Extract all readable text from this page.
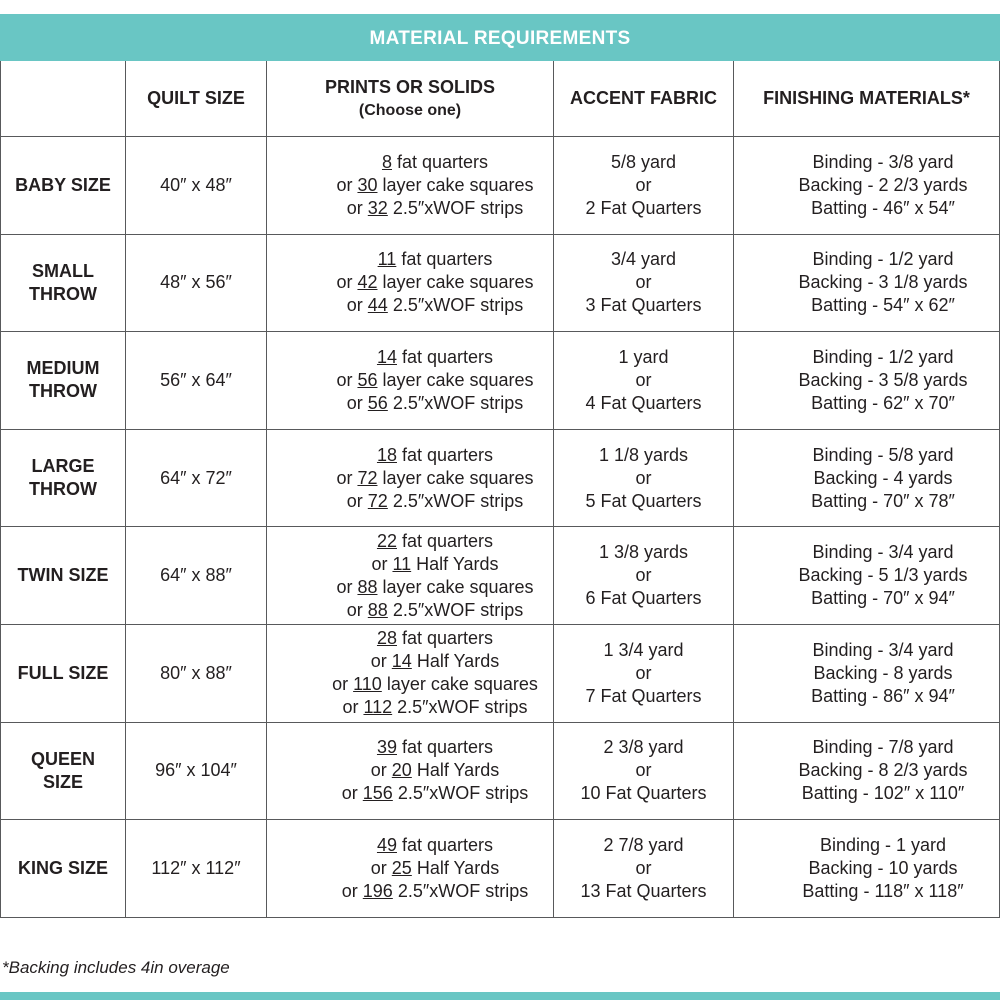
MATERIAL REQUIREMENTS				
	QUILT SIZE	PRINTS OR SOLIDS
(Choose one)	ACCENT FABRIC	FINISHING MATERIALS*

BABY SIZE	40″ x 48″	8 fat quarters
or 30 layer cake squares
or 32 2.5″xWOF strips	5/8 yard
or
2 Fat Quarters	Binding - 3/8 yard
Backing - 2 2/3 yards
Batting - 46″ x 54″

SMALL
THROW	48″ x 56″	11 fat quarters
or 42 layer cake squares
or 44 2.5″xWOF strips	3/4 yard
or
3 Fat Quarters	Binding - 1/2 yard
Backing - 3 1/8 yards
Batting - 54″ x 62″

MEDIUM
THROW	56″ x 64″	14 fat quarters
or 56 layer cake squares
or 56 2.5″xWOF strips	1 yard
or
4 Fat Quarters	Binding - 1/2 yard
Backing - 3 5/8 yards
Batting - 62″ x 70″

LARGE
THROW	64″ x 72″	18 fat quarters
or 72 layer cake squares
or 72 2.5″xWOF strips	1 1/8 yards
or
5 Fat Quarters	Binding - 5/8 yard
Backing - 4 yards
Batting - 70″ x 78″

TWIN SIZE	64″ x 88″	22 fat quarters
or 11 Half Yards
or 88 layer cake squares
or 88 2.5″xWOF strips	1 3/8 yards
or
6 Fat Quarters	Binding - 3/4 yard
Backing - 5 1/3 yards
Batting - 70″ x 94″

FULL SIZE	80″ x 88″	28 fat quarters
or 14 Half Yards
or 110 layer cake squares
or 112 2.5″xWOF strips	1 3/4 yard
or
7 Fat Quarters	Binding - 3/4 yard
Backing - 8 yards
Batting - 86″ x 94″

QUEEN
SIZE	96″ x 104″	39 fat quarters
or 20 Half Yards
or 156 2.5″xWOF strips	2 3/8 yard
or
10 Fat Quarters	Binding - 7/8 yard
Backing - 8 2/3 yards
Batting - 102″ x 110″

KING SIZE	112″ x 112″	49 fat quarters
or 25 Half Yards
or 196 2.5″xWOF strips	2 7/8 yard
or
13 Fat Quarters	Binding - 1 yard
Backing - 10 yards
Batting - 118″ x 118″
*Backing includes 4in overage
